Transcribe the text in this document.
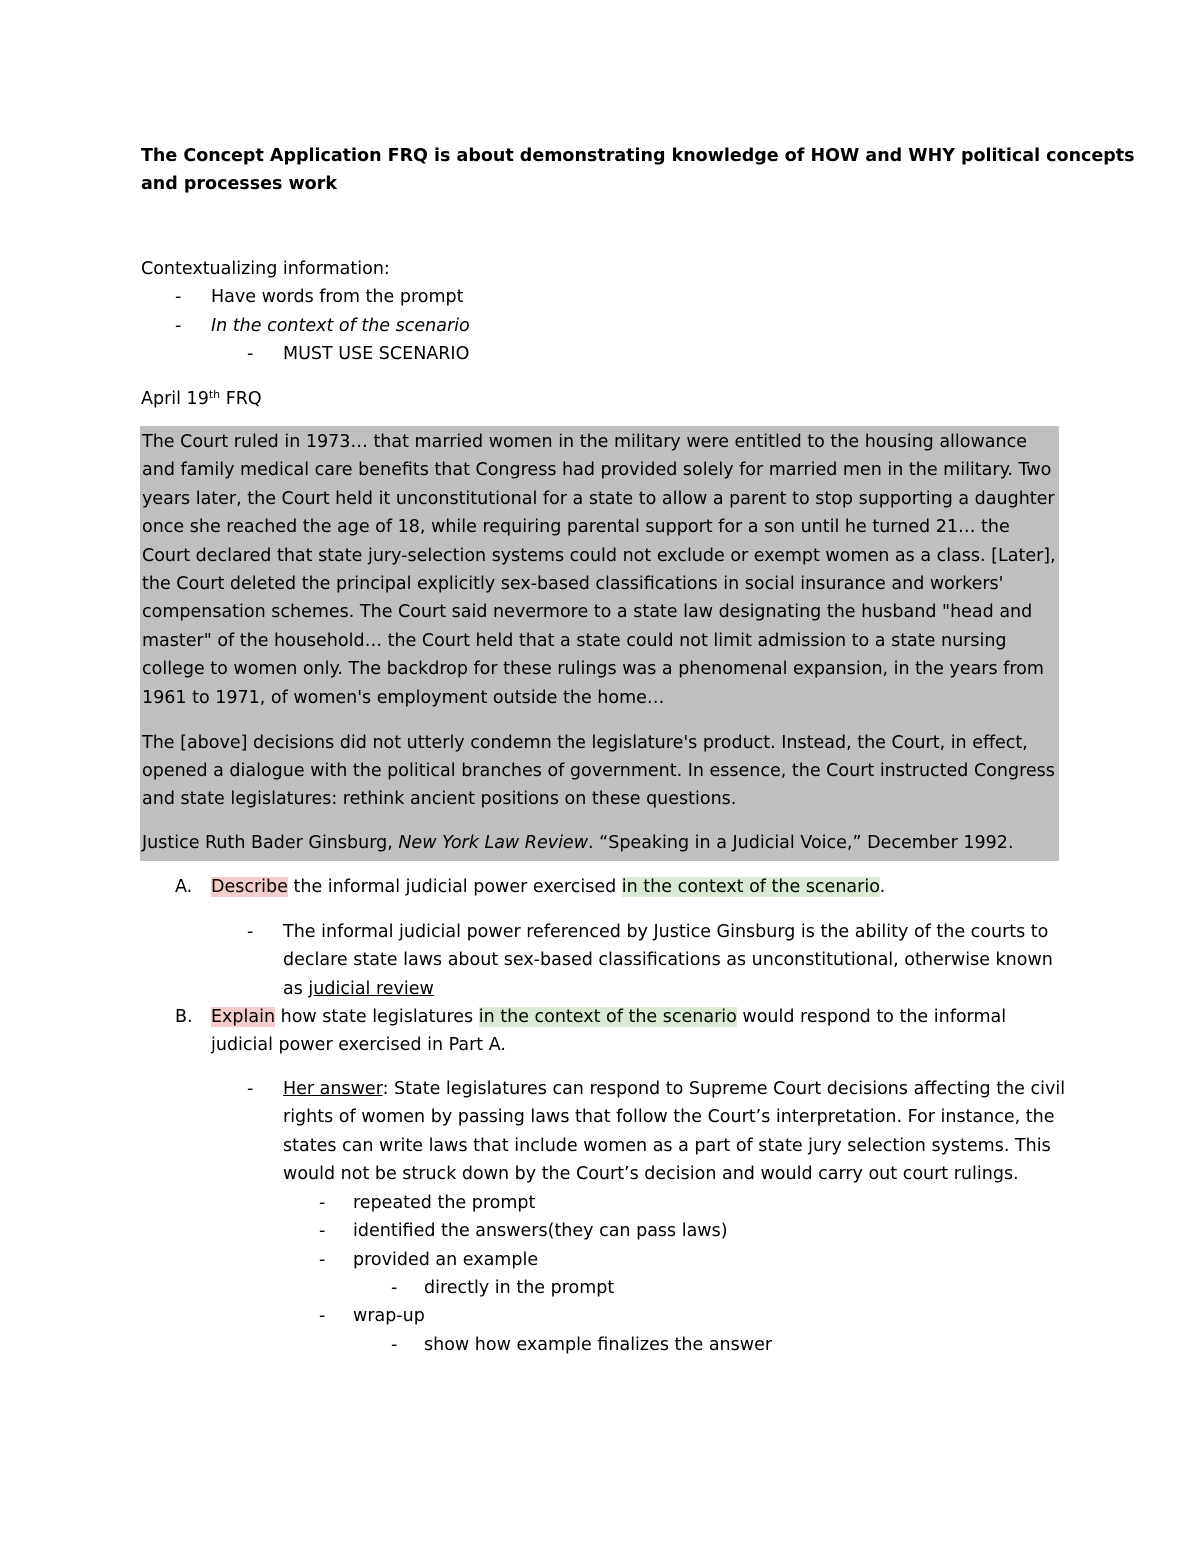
The Concept Application FRQ is about demonstrating knowledge of HOW and WHY political concepts
and processes work
Contextualizing information:
- Have words from the prompt
- In the context of the scenario
- MUST USE SCENARIO
April 19th FRQ
The Court ruled in 1973… that married women in the military were entitled to the housing allowance
and family medical care benefits that Congress had provided solely for married men in the military. Two
years later, the Court held it unconstitutional for a state to allow a parent to stop supporting a daughter
once she reached the age of 18, while requiring parental support for a son until he turned 21… the
Court declared that state jury-selection systems could not exclude or exempt women as a class. [Later],
the Court deleted the principal explicitly sex-based classifications in social insurance and workers'
compensation schemes. The Court said nevermore to a state law designating the husband "head and
master" of the household… the Court held that a state could not limit admission to a state nursing
college to women only. The backdrop for these rulings was a phenomenal expansion, in the years from
1961 to 1971, of women's employment outside the home…
The [above] decisions did not utterly condemn the legislature's product. Instead, the Court, in effect,
opened a dialogue with the political branches of government. In essence, the Court instructed Congress
and state legislatures: rethink ancient positions on these questions.
Justice Ruth Bader Ginsburg, New York Law Review. “Speaking in a Judicial Voice,” December 1992.
A. Describe the informal judicial power exercised in the context of the scenario.
- The informal judicial power referenced by Justice Ginsburg is the ability of the courts to
declare state laws about sex-based classifications as unconstitutional, otherwise known
as judicial review
B. Explain how state legislatures in the context of the scenario would respond to the informal
judicial power exercised in Part A.
- Her answer: State legislatures can respond to Supreme Court decisions affecting the civil
rights of women by passing laws that follow the Court’s interpretation. For instance, the
states can write laws that include women as a part of state jury selection systems. This
would not be struck down by the Court’s decision and would carry out court rulings.
- repeated the prompt
- identified the answers(they can pass laws)
- provided an example
- directly in the prompt
- wrap-up
- show how example finalizes the answer
